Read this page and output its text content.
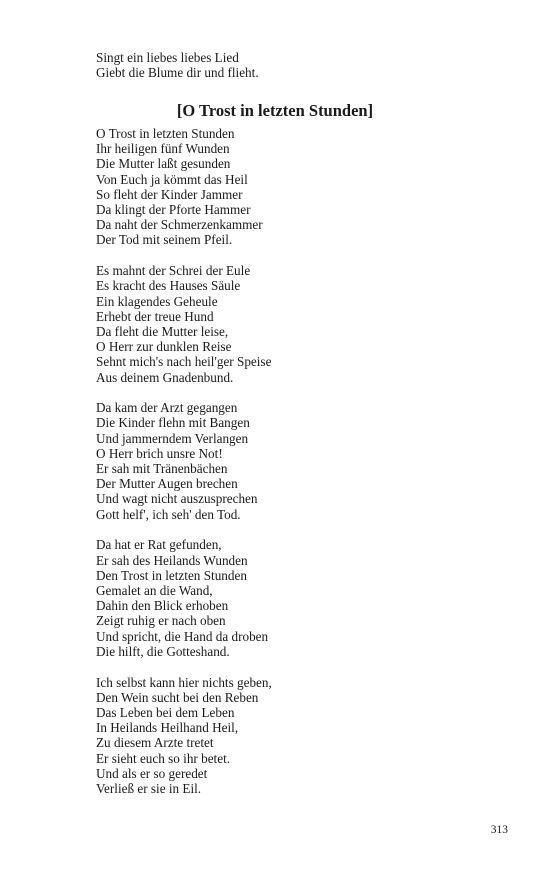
Singt ein liebes liebes Lied
Giebt die Blume dir und flieht.
[O Trost in letzten Stunden]
O Trost in letzten Stunden
Ihr heiligen fünf Wunden
Die Mutter laßt gesunden
Von Euch ja kömmt das Heil
So fleht der Kinder Jammer
Da klingt der Pforte Hammer
Da naht der Schmerzenkammer
Der Tod mit seinem Pfeil.
Es mahnt der Schrei der Eule
Es kracht des Hauses Säule
Ein klagendes Geheule
Erhebt der treue Hund
Da fleht die Mutter leise,
O Herr zur dunklen Reise
Sehnt mich's nach heil'ger Speise
Aus deinem Gnadenbund.
Da kam der Arzt gegangen
Die Kinder flehn mit Bangen
Und jammerndem Verlangen
O Herr brich unsre Not!
Er sah mit Tränenbächen
Der Mutter Augen brechen
Und wagt nicht auszusprechen
Gott helf', ich seh' den Tod.
Da hat er Rat gefunden,
Er sah des Heilands Wunden
Den Trost in letzten Stunden
Gemalet an die Wand,
Dahin den Blick erhoben
Zeigt ruhig er nach oben
Und spricht, die Hand da droben
Die hilft, die Gotteshand.
Ich selbst kann hier nichts geben,
Den Wein sucht bei den Reben
Das Leben bei dem Leben
In Heilands Heilhand Heil,
Zu diesem Arzte tretet
Er sieht euch so ihr betet.
Und als er so geredet
Verließ er sie in Eil.
313
